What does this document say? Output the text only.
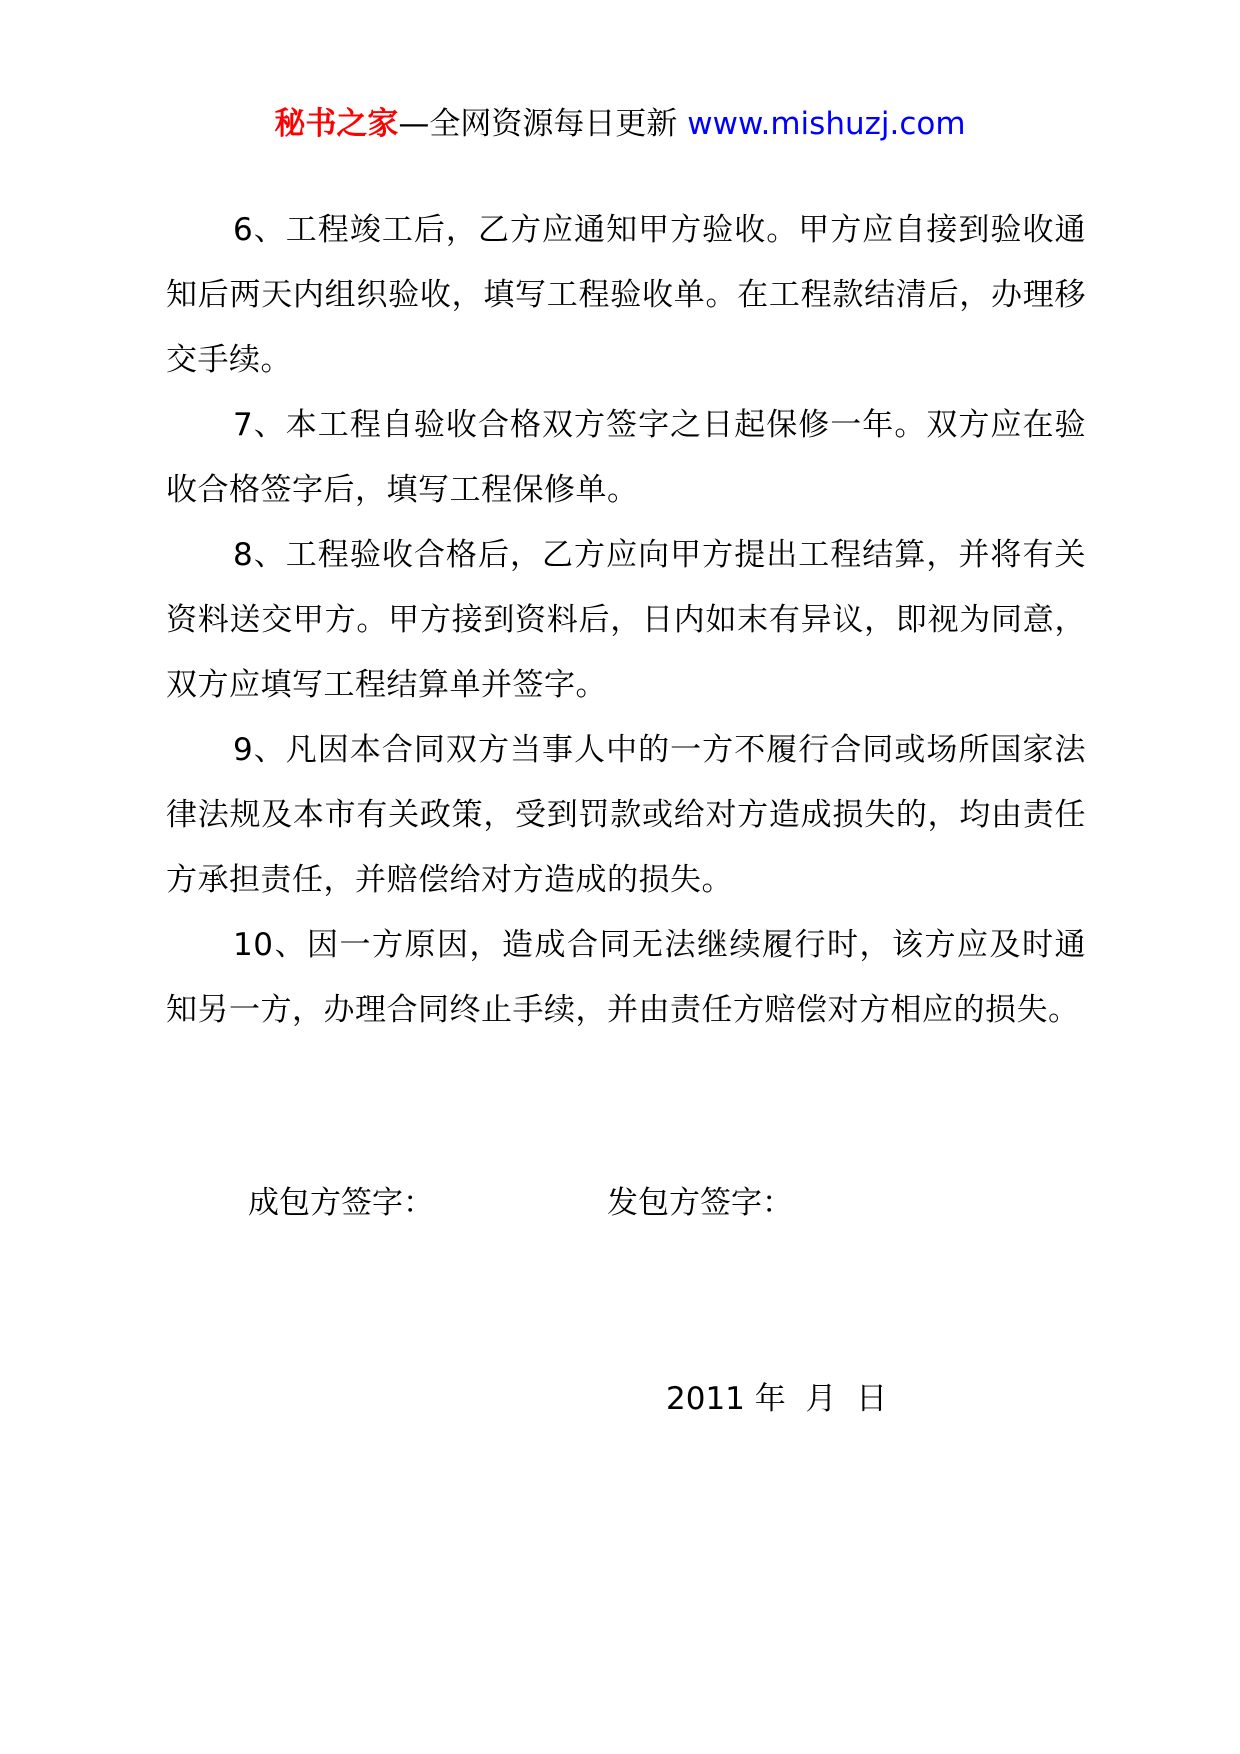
秘书之家—全网资源每日更新 www.mishuzj.com

6、工程竣工后，乙方应通知甲方验收。甲方应自接到验收通知后两天内组织验收，填写工程验收单。在工程款结清后，办理移交手续。

7、本工程自验收合格双方签字之日起保修一年。双方应在验收合格签字后，填写工程保修单。

8、工程验收合格后，乙方应向甲方提出工程结算，并将有关资料送交甲方。甲方接到资料后，日内如末有异议，即视为同意，双方应填写工程结算单并签字。

9、凡因本合同双方当事人中的一方不履行合同或场所国家法律法规及本市有关政策，受到罚款或给对方造成损失的，均由责任方承担责任，并赔偿给对方造成的损失。

10、因一方原因，造成合同无法继续履行时，该方应及时通知另一方，办理合同终止手续，并由责任方赔偿对方相应的损失。

成包方签字：	发包方签字：
2011 年  月  日
